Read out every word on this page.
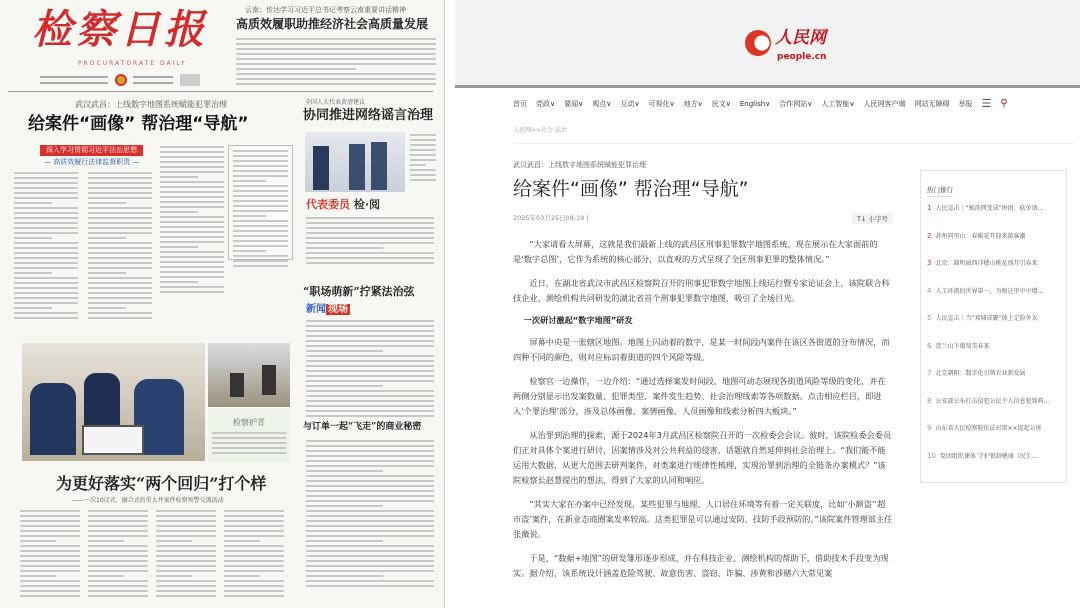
检察日报
PROCURATORATE DAILY
云南：传达学习习近平总书记考察云南重要讲话精神
高质效履职助推经济社会高质量发展
武汉武昌：上线数字地图系统赋能犯罪治理
给案件“画像” 帮治理“导航”
深入学习贯彻习近平法治思想
— 高质效履行法律监督职责 —
全国人大代表黄清建议
协同推进网络谣言治理
代表委员 检·阅
“职场萌新”拧紧法治弦
新闻 现场
与订单一起“飞走”的商业秘密
检察护青
为更好落实“两个回归”打个样
——一次10议式、融合式的重大并案件检察预警交流活动
人民网
people.cn
首页 党政∨ 要闻∨ 观点∨ 互动∨ 可视化∨ 地方∨ 民文∨ English∨ 合作网站∨ 人工智能∨ 人民网客户端 网站无障碍 举报 ☰ ⚲
人民网>>社会·法治
武汉武昌：上线数字地图系统赋能犯罪治理
给案件“画像” 帮治理“导航”
2025年03月25日08:19 |	T↓ 小字号

“大家请看大屏幕，这就是我们最新上线的武昌区刑事犯罪数字地图系统。现在展示在大家面前的是‘数字总图’，它作为系统的核心部分，以直观的方式呈现了全区刑事犯罪的整体情况。”

近日，在湖北省武汉市武昌区检察院召开的刑事犯罪数字地图上线运行暨专家论证会上，该院联合科技企业、测绘机构共同研发的湖北省首个刑事犯罪数字地图，吸引了全场目光。

一次研讨激起“数字地图”研发

屏幕中央是一张辖区地图。地图上闪动着的数字，是某一时间段内案件在该区各街道的分布情况，而四种不同的颜色，则对应标识着街道的四个风险等级。

检察官一边操作，一边介绍：“通过选择案发时间段，地图可动态展现各街道风险等级的变化，并在两侧分别显示出发案数量、犯罪类型、案件发生趋势、社会治理线索等各项数据。点击相应栏目，即进入‘个罪治理’部分，涉及总体画像、案情画像、人员画像和线索分析四大板块。”

从治罪到治理的探索，源于2024年3月武昌区检察院召开的一次检委会会议。彼时，该院检委会委员们正对具体个案进行研讨，因案情涉及对公共利益的侵害，话题就自然延伸到社会治理上。“我们能不能运用大数据，从更大范围去研判案件，对类案进行规律性梳理，实现治罪到治理的全链条办案模式？”该院检察长赵慧提出的想法，得到了大家的认同和响应。

“其实大家在办案中已经发现，某些犯罪与地理、人口居住环境等有着一定关联度，比如‘小额盗’‘超市盗’案件，在新业态商圈案发率较高。这类犯罪是可以通过安防、技防手段预防的。”该院案件管理部主任张薇说。

于是，“数据+地图”的研发雏形逐步形成，并在科技企业、测绘机构的帮助下，借助技术手段变为现实。据介绍，该系统设计涵盖危险驾驶、故意伤害、盗窃、诈骗、涉黄和涉赌六大常见案

热门排行
1 人民直击｜“秘洗网变成”拼团、砍单诱...
2 苏州同里山：春暖花开迎来游客潮
3 北京：圆明园西洋楼山桃花盛开引春来
4 人工环流的世界第一，为啥这里中中增...
5 人民直击｜当“双城成聚”披上定险外衣
6 贺兰山下葡萄美春来
7 北京朝阳：数字化引领农业新发展
8 公安部公布打击侵犯公民个人信息犯罪典...
9 山东省人民检察院依法对雷××提起公诉
10 党团组织课体 守护银龄健康（民生...
